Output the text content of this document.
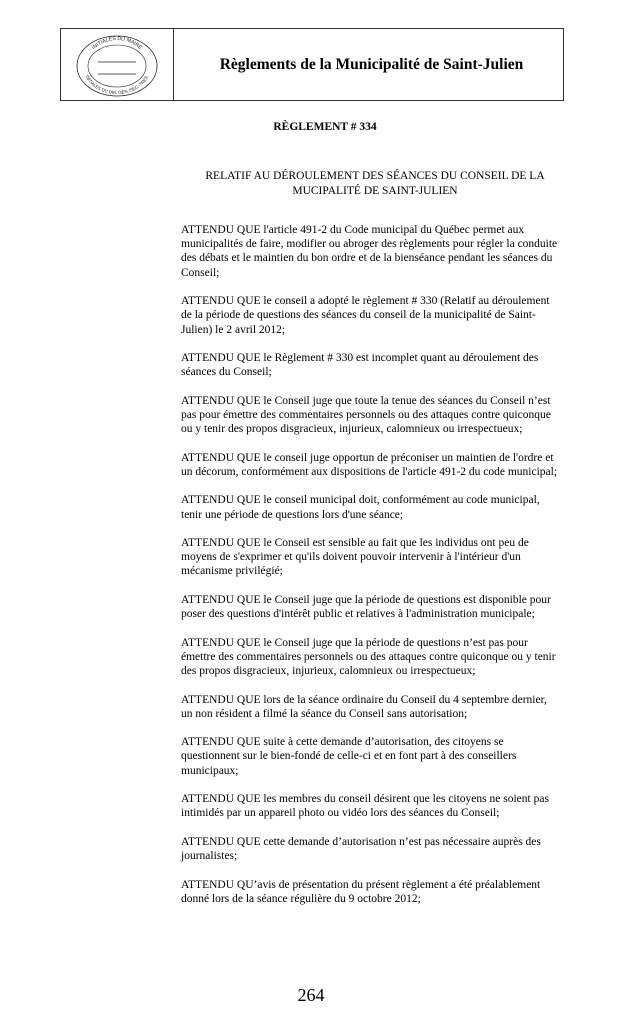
INITIALES DU MAIRE
INITIALES DU DIR. GÉN./SEC.-TRÉS.
Règlements de la Municipalité de Saint-Julien
RÈGLEMENT # 334
RELATIF AU DÉROULEMENT DES SÉANCES DU CONSEIL DE LA
MUCIPALITÉ DE SAINT-JULIEN

ATTENDU QUE l'article 491-2 du Code municipal du Québec permet aux municipalités de faire, modifier ou abroger des règlements pour régler la conduite des débats et le maintien du bon ordre et de la bienséance pendant les séances du Conseil;

ATTENDU QUE le conseil a adopté le règlement # 330 (Relatif au déroulement de la période de questions des séances du conseil de la municipalité de Saint-Julien) le 2 avril 2012;

ATTENDU QUE le Règlement # 330 est incomplet quant au déroulement des séances du Conseil;

ATTENDU QUE le Conseil juge que toute la tenue des séances du Conseil n’est pas pour émettre des commentaires personnels ou des attaques contre quiconque ou y tenir des propos disgracieux, injurieux, calomnieux ou irrespectueux;

ATTENDU QUE le conseil juge opportun de préconiser un maintien de l'ordre et un décorum, conformément aux dispositions de l'article 491-2 du code municipal;

ATTENDU QUE le conseil municipal doit, conformément au code municipal, tenir une période de questions lors d'une séance;

ATTENDU QUE le Conseil est sensible au fait que les individus ont peu de moyens de s'exprimer et qu'ils doivent pouvoir intervenir à l'intérieur d'un mécanisme privilégié;

ATTENDU QUE le Conseil juge que la période de questions est disponible pour poser des questions d'intérêt public et relatives à l'administration municipale;

ATTENDU QUE le Conseil juge que la période de questions n’est pas pour émettre des commentaires personnels ou des attaques contre quiconque ou y tenir des propos disgracieux, injurieux, calomnieux ou irrespectueux;

ATTENDU QUE lors de la séance ordinaire du Conseil du 4 septembre dernier, un non résident a filmé la séance du Conseil sans autorisation;

ATTENDU QUE suite à cette demande d’autorisation, des citoyens se questionnent sur le bien-fondé de celle-ci et en font part à des conseillers municipaux;

ATTENDU QUE les membres du conseil désirent que les citoyens ne soient pas intimidés par un appareil photo ou vidéo lors des séances du Conseil;

ATTENDU QUE cette demande d’autorisation n’est pas nécessaire auprès des journalistes;

ATTENDU QU’avis de présentation du présent règlement a été préalablement donné lors de la séance régulière du 9 octobre 2012;

264
